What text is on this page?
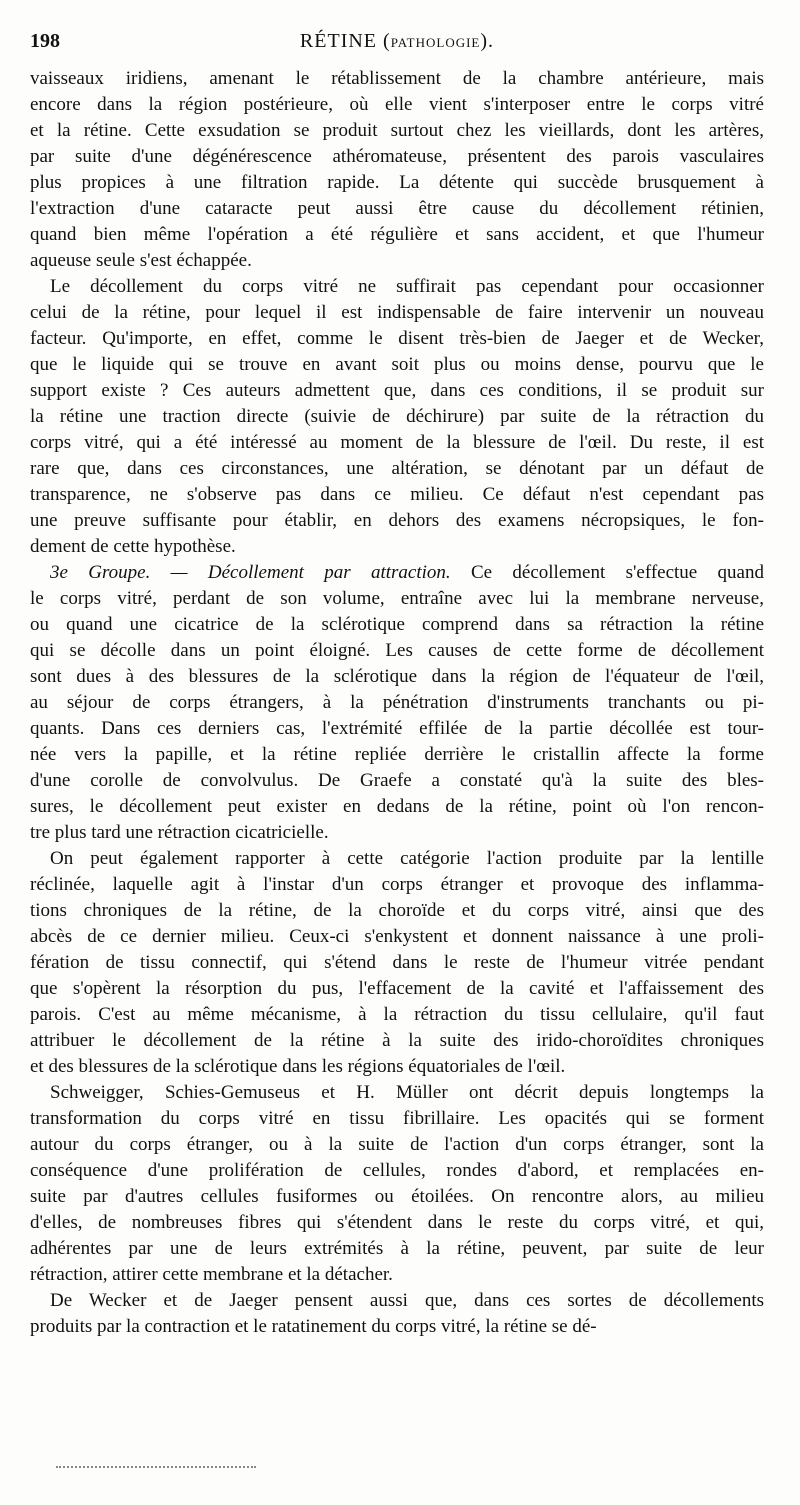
198	RÉTINE (PATHOLOGIE).

vaisseaux iridiens, amenant le rétablissement de la chambre antérieure, mais
encore dans la région postérieure, où elle vient s'interposer entre le corps vitré
et la rétine. Cette exsudation se produit surtout chez les vieillards, dont les artères,
par suite d'une dégénérescence athéromateuse, présentent des parois vasculaires
plus propices à une filtration rapide. La détente qui succède brusquement à
l'extraction d'une cataracte peut aussi être cause du décollement rétinien,
quand bien même l'opération a été régulière et sans accident, et que l'humeur
aqueuse seule s'est échappée.

Le décollement du corps vitré ne suffirait pas cependant pour occasionner
celui de la rétine, pour lequel il est indispensable de faire intervenir un nouveau
facteur. Qu'importe, en effet, comme le disent très-bien de Jaeger et de Wecker,
que le liquide qui se trouve en avant soit plus ou moins dense, pourvu que le
support existe ? Ces auteurs admettent que, dans ces conditions, il se produit sur
la rétine une traction directe (suivie de déchirure) par suite de la rétraction du
corps vitré, qui a été intéressé au moment de la blessure de l'œil. Du reste, il est
rare que, dans ces circonstances, une altération, se dénotant par un défaut de
transparence, ne s'observe pas dans ce milieu. Ce défaut n'est cependant pas
une preuve suffisante pour établir, en dehors des examens nécropsiques, le fon-
dement de cette hypothèse.

3e Groupe. — Décollement par attraction. Ce décollement s'effectue quand
le corps vitré, perdant de son volume, entraîne avec lui la membrane nerveuse,
ou quand une cicatrice de la sclérotique comprend dans sa rétraction la rétine
qui se décolle dans un point éloigné. Les causes de cette forme de décollement
sont dues à des blessures de la sclérotique dans la région de l'équateur de l'œil,
au séjour de corps étrangers, à la pénétration d'instruments tranchants ou pi-
quants. Dans ces derniers cas, l'extrémité effilée de la partie décollée est tour-
née vers la papille, et la rétine repliée derrière le cristallin affecte la forme
d'une corolle de convolvulus. De Graefe a constaté qu'à la suite des bles-
sures, le décollement peut exister en dedans de la rétine, point où l'on rencon-
tre plus tard une rétraction cicatricielle.

On peut également rapporter à cette catégorie l'action produite par la lentille
réclinée, laquelle agit à l'instar d'un corps étranger et provoque des inflamma-
tions chroniques de la rétine, de la choroïde et du corps vitré, ainsi que des
abcès de ce dernier milieu. Ceux-ci s'enkystent et donnent naissance à une proli-
fération de tissu connectif, qui s'étend dans le reste de l'humeur vitrée pendant
que s'opèrent la résorption du pus, l'effacement de la cavité et l'affaissement des
parois. C'est au même mécanisme, à la rétraction du tissu cellulaire, qu'il faut
attribuer le décollement de la rétine à la suite des irido-choroïdites chroniques
et des blessures de la sclérotique dans les régions équatoriales de l'œil.

Schweigger, Schies-Gemuseus et H. Müller ont décrit depuis longtemps la
transformation du corps vitré en tissu fibrillaire. Les opacités qui se forment
autour du corps étranger, ou à la suite de l'action d'un corps étranger, sont la
conséquence d'une prolifération de cellules, rondes d'abord, et remplacées en-
suite par d'autres cellules fusiformes ou étoilées. On rencontre alors, au milieu
d'elles, de nombreuses fibres qui s'étendent dans le reste du corps vitré, et qui,
adhérentes par une de leurs extrémités à la rétine, peuvent, par suite de leur
rétraction, attirer cette membrane et la détacher.

De Wecker et de Jaeger pensent aussi que, dans ces sortes de décollements
produits par la contraction et le ratatinement du corps vitré, la rétine se dé-
